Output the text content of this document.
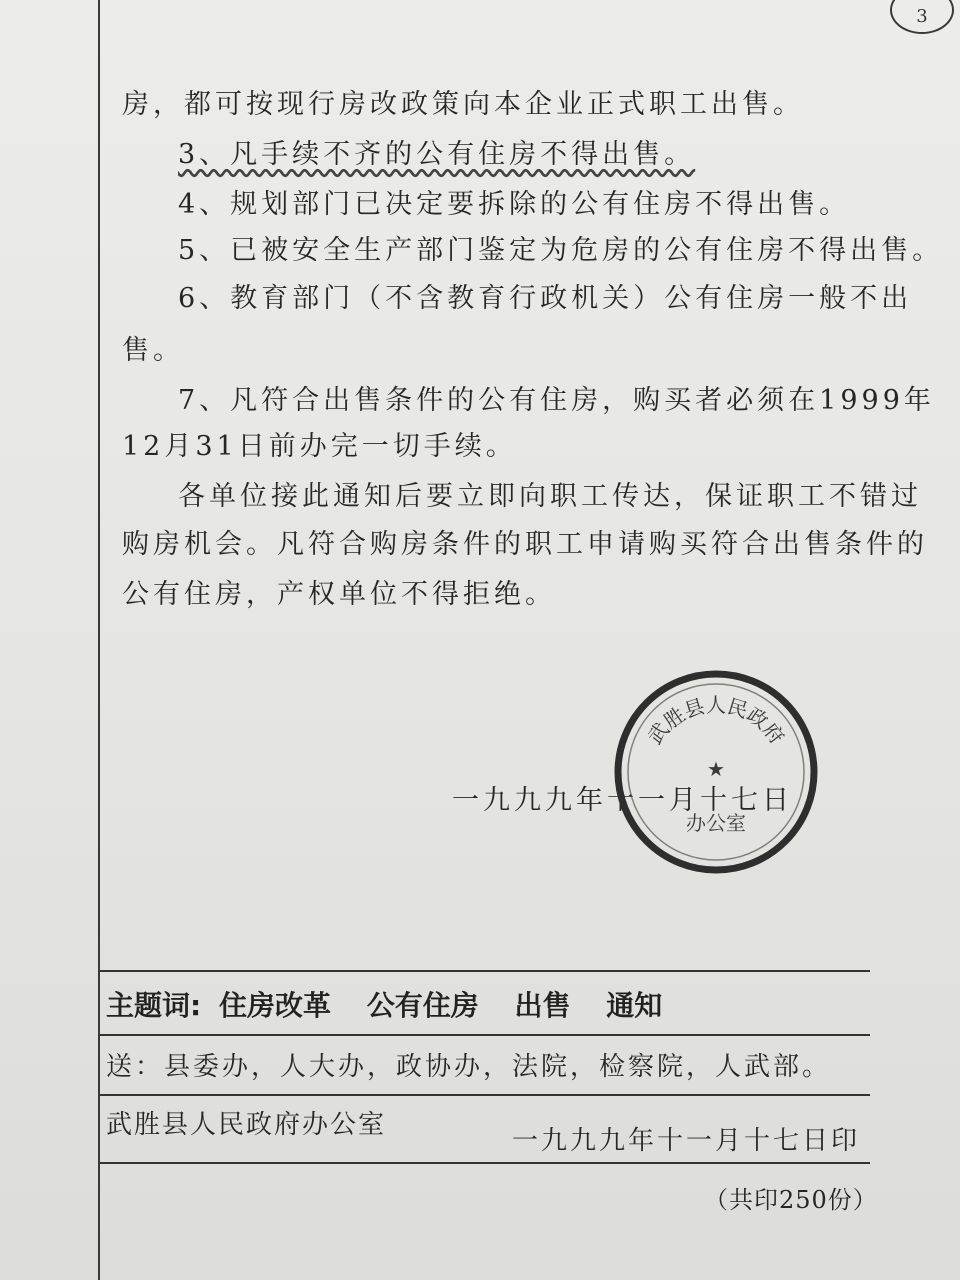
3
房，都可按现行房改政策向本企业正式职工出售。
3、凡手续不齐的公有住房不得出售。
4、规划部门已决定要拆除的公有住房不得出售。
5、已被安全生产部门鉴定为危房的公有住房不得出售。
6、教育部门（不含教育行政机关）公有住房一般不出
售。
7、凡符合出售条件的公有住房，购买者必须在1999年
12月31日前办完一切手续。
各单位接此通知后要立即向职工传达，保证职工不错过
购房机会。凡符合购房条件的职工申请购买符合出售条件的
公有住房，产权单位不得拒绝。
一九九九年十一月十七日
武胜县人民政府
★
办公室
主题词: 住房改革 公有住房 出售 通知
送：县委办，人大办，政协办，法院，检察院，人武部。
武胜县人民政府办公室
一九九九年十一月十七日印
（共印250份）
